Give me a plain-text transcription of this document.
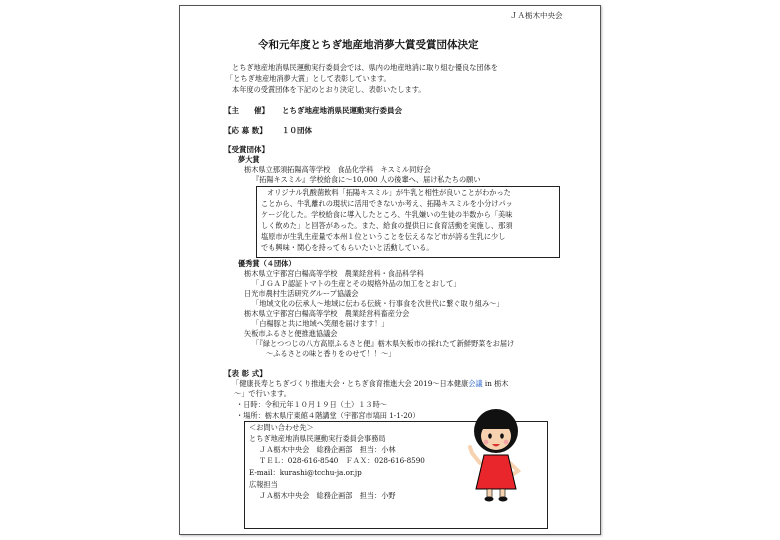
ＪＡ栃木中央会
令和元年度とちぎ地産地消夢大賞受賞団体決定
とちぎ地産地消県民運動実行委員会では、県内の地産地消に取り組む優良な団体を
「とちぎ地産地消夢大賞」として表彰しています。
本年度の受賞団体を下記のとおり決定し、表彰いたします。
【主　　催】 とちぎ地産地消県民運動実行委員会
【応 募 数】 １０団体
【受賞団体】
夢大賞
栃木県立那須拓陽高等学校　食品化学科　キスミル同好会
『拓陽キスミル』学校給食に〜10,000 人の後輩へ、届け私たちの願い
オリジナル乳酸菌飲料「拓陽キスミル」が牛乳と相性が良いことがわかった
ことから、牛乳離れの現状に活用できないか考え、拓陽キスミルを小分けパッ
ケージ化した。学校給食に導入したところ、牛乳嫌いの生徒の半数から「美味
しく飲めた」と回答があった。また、給食の提供日に食育活動を実施し、那須
塩原市が生乳生産量で本州１位ということを伝えるなど市が誇る生乳に少し
でも興味・関心を持ってもらいたいと活動している。
優秀賞（４団体）
栃木県立宇都宮白楊高等学校　農業経営科・食品科学科
「ＪＧＡＰ認証トマトの生産とその規格外品の加工をとおして」
日光市農村生活研究グループ協議会
「地域文化の伝承人〜地域に伝わる伝統・行事食を次世代に繋ぐ取り組み〜」
栃木県立宇都宮白楊高等学校　農業経営科畜産分会
「白楊豚と共に地域へ笑顔を届けます！」
矢板市ふるさと便推進協議会
「『緑とつつじの八方高原ふるさと便』栃木県矢板市の採れたて新鮮野菜をお届け
〜ふるさとの味と香りをのせて！！〜」
【表 彰 式】
「健康長寿とちぎづくり推進大会・とちぎ食育推進大会 2019〜日本健康会議 in 栃木
〜」で行います。
・日時：令和元年１０月１９日（土）１３時〜
・場所：栃木県庁東館４階講堂（宇都宮市塙田 1-1-20）
＜お問い合わせ先＞
とちぎ地産地消県民運動実行委員会事務局
ＪＡ栃木中央会　総務企画部　担当：小林
ＴＥＬ：028-616-8540　ＦＡＸ：028-616-8590
E-mail：kurashi@tcchu-ja.or.jp
広報担当
ＪＡ栃木中央会　総務企画部　担当：小野
